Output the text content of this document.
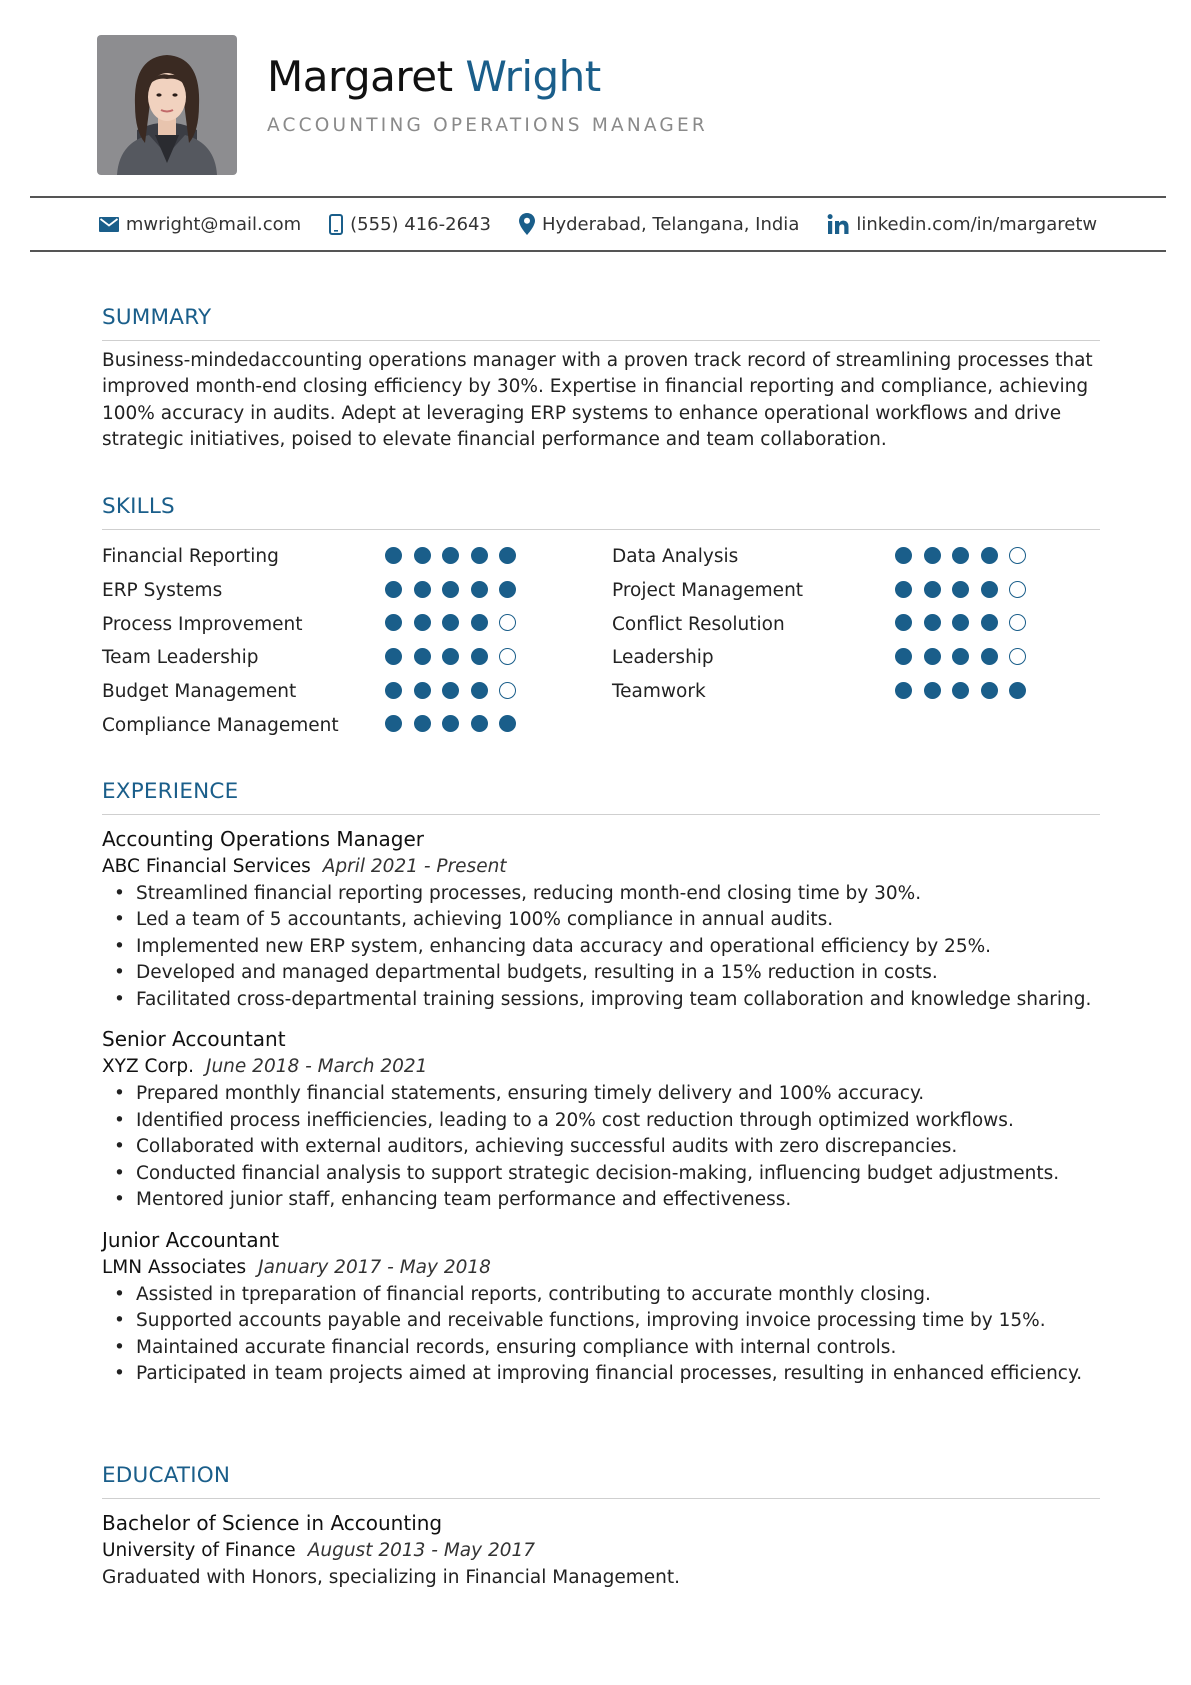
Margaret Wright
ACCOUNTING OPERATIONS MANAGER
mwright@mail.com	(555) 416-2643	Hyderabad, Telangana, India	linkedin.com/in/margaretw
SUMMARY
Business-mindedaccounting operations manager with a proven track record of streamlining processes that
improved month-end closing efficiency by 30%. Expertise in financial reporting and compliance, achieving
100% accuracy in audits. Adept at leveraging ERP systems to enhance operational workflows and drive
strategic initiatives, poised to elevate financial performance and team collaboration.
SKILLS
Financial Reporting
ERP Systems
Process Improvement
Team Leadership
Budget Management
Compliance Management
Data Analysis
Project Management
Conflict Resolution
Leadership
Teamwork
EXPERIENCE
Accounting Operations Manager
ABC Financial Services April 2021 - Present
• Streamlined financial reporting processes, reducing month-end closing time by 30%.
• Led a team of 5 accountants, achieving 100% compliance in annual audits.
• Implemented new ERP system, enhancing data accuracy and operational efficiency by 25%.
• Developed and managed departmental budgets, resulting in a 15% reduction in costs.
• Facilitated cross-departmental training sessions, improving team collaboration and knowledge sharing.
Senior Accountant
XYZ Corp. June 2018 - March 2021
• Prepared monthly financial statements, ensuring timely delivery and 100% accuracy.
• Identified process inefficiencies, leading to a 20% cost reduction through optimized workflows.
• Collaborated with external auditors, achieving successful audits with zero discrepancies.
• Conducted financial analysis to support strategic decision-making, influencing budget adjustments.
• Mentored junior staff, enhancing team performance and effectiveness.
Junior Accountant
LMN Associates January 2017 - May 2018
• Assisted in tpreparation of financial reports, contributing to accurate monthly closing.
• Supported accounts payable and receivable functions, improving invoice processing time by 15%.
• Maintained accurate financial records, ensuring compliance with internal controls.
• Participated in team projects aimed at improving financial processes, resulting in enhanced efficiency.
EDUCATION
Bachelor of Science in Accounting
University of Finance August 2013 - May 2017
Graduated with Honors, specializing in Financial Management.
